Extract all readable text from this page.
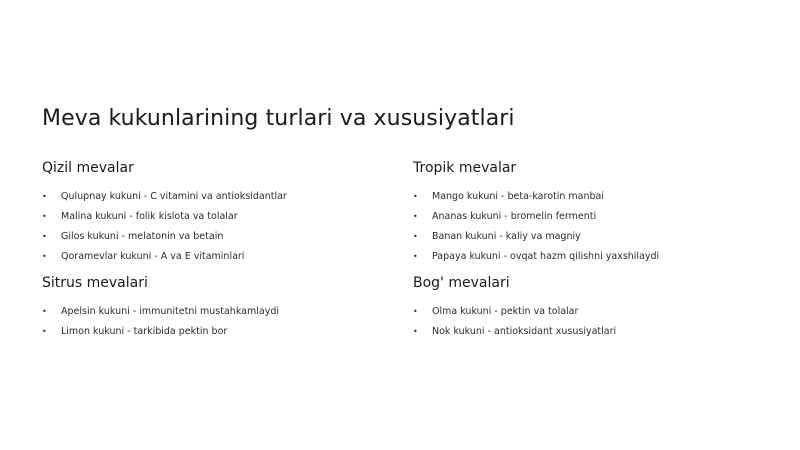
Meva kukunlarining turlari va xususiyatlari
Qizil mevalar
• Qulupnay kukuni - C vitamini va antioksidantlar
• Malina kukuni - folik kislota va tolalar
• Gilos kukuni - melatonin va betain
• Qoramevlar kukuni - A va E vitaminlari
Tropik mevalar
• Mango kukuni - beta-karotin manbai
• Ananas kukuni - bromelin fermenti
• Banan kukuni - kaliy va magniy
• Papaya kukuni - ovqat hazm qilishni yaxshilaydi
Sitrus mevalari
• Apelsin kukuni - immunitetni mustahkamlaydi
• Limon kukuni - tarkibida pektin bor
Bog' mevalari
• Olma kukuni - pektin va tolalar
• Nok kukuni - antioksidant xususiyatlari
